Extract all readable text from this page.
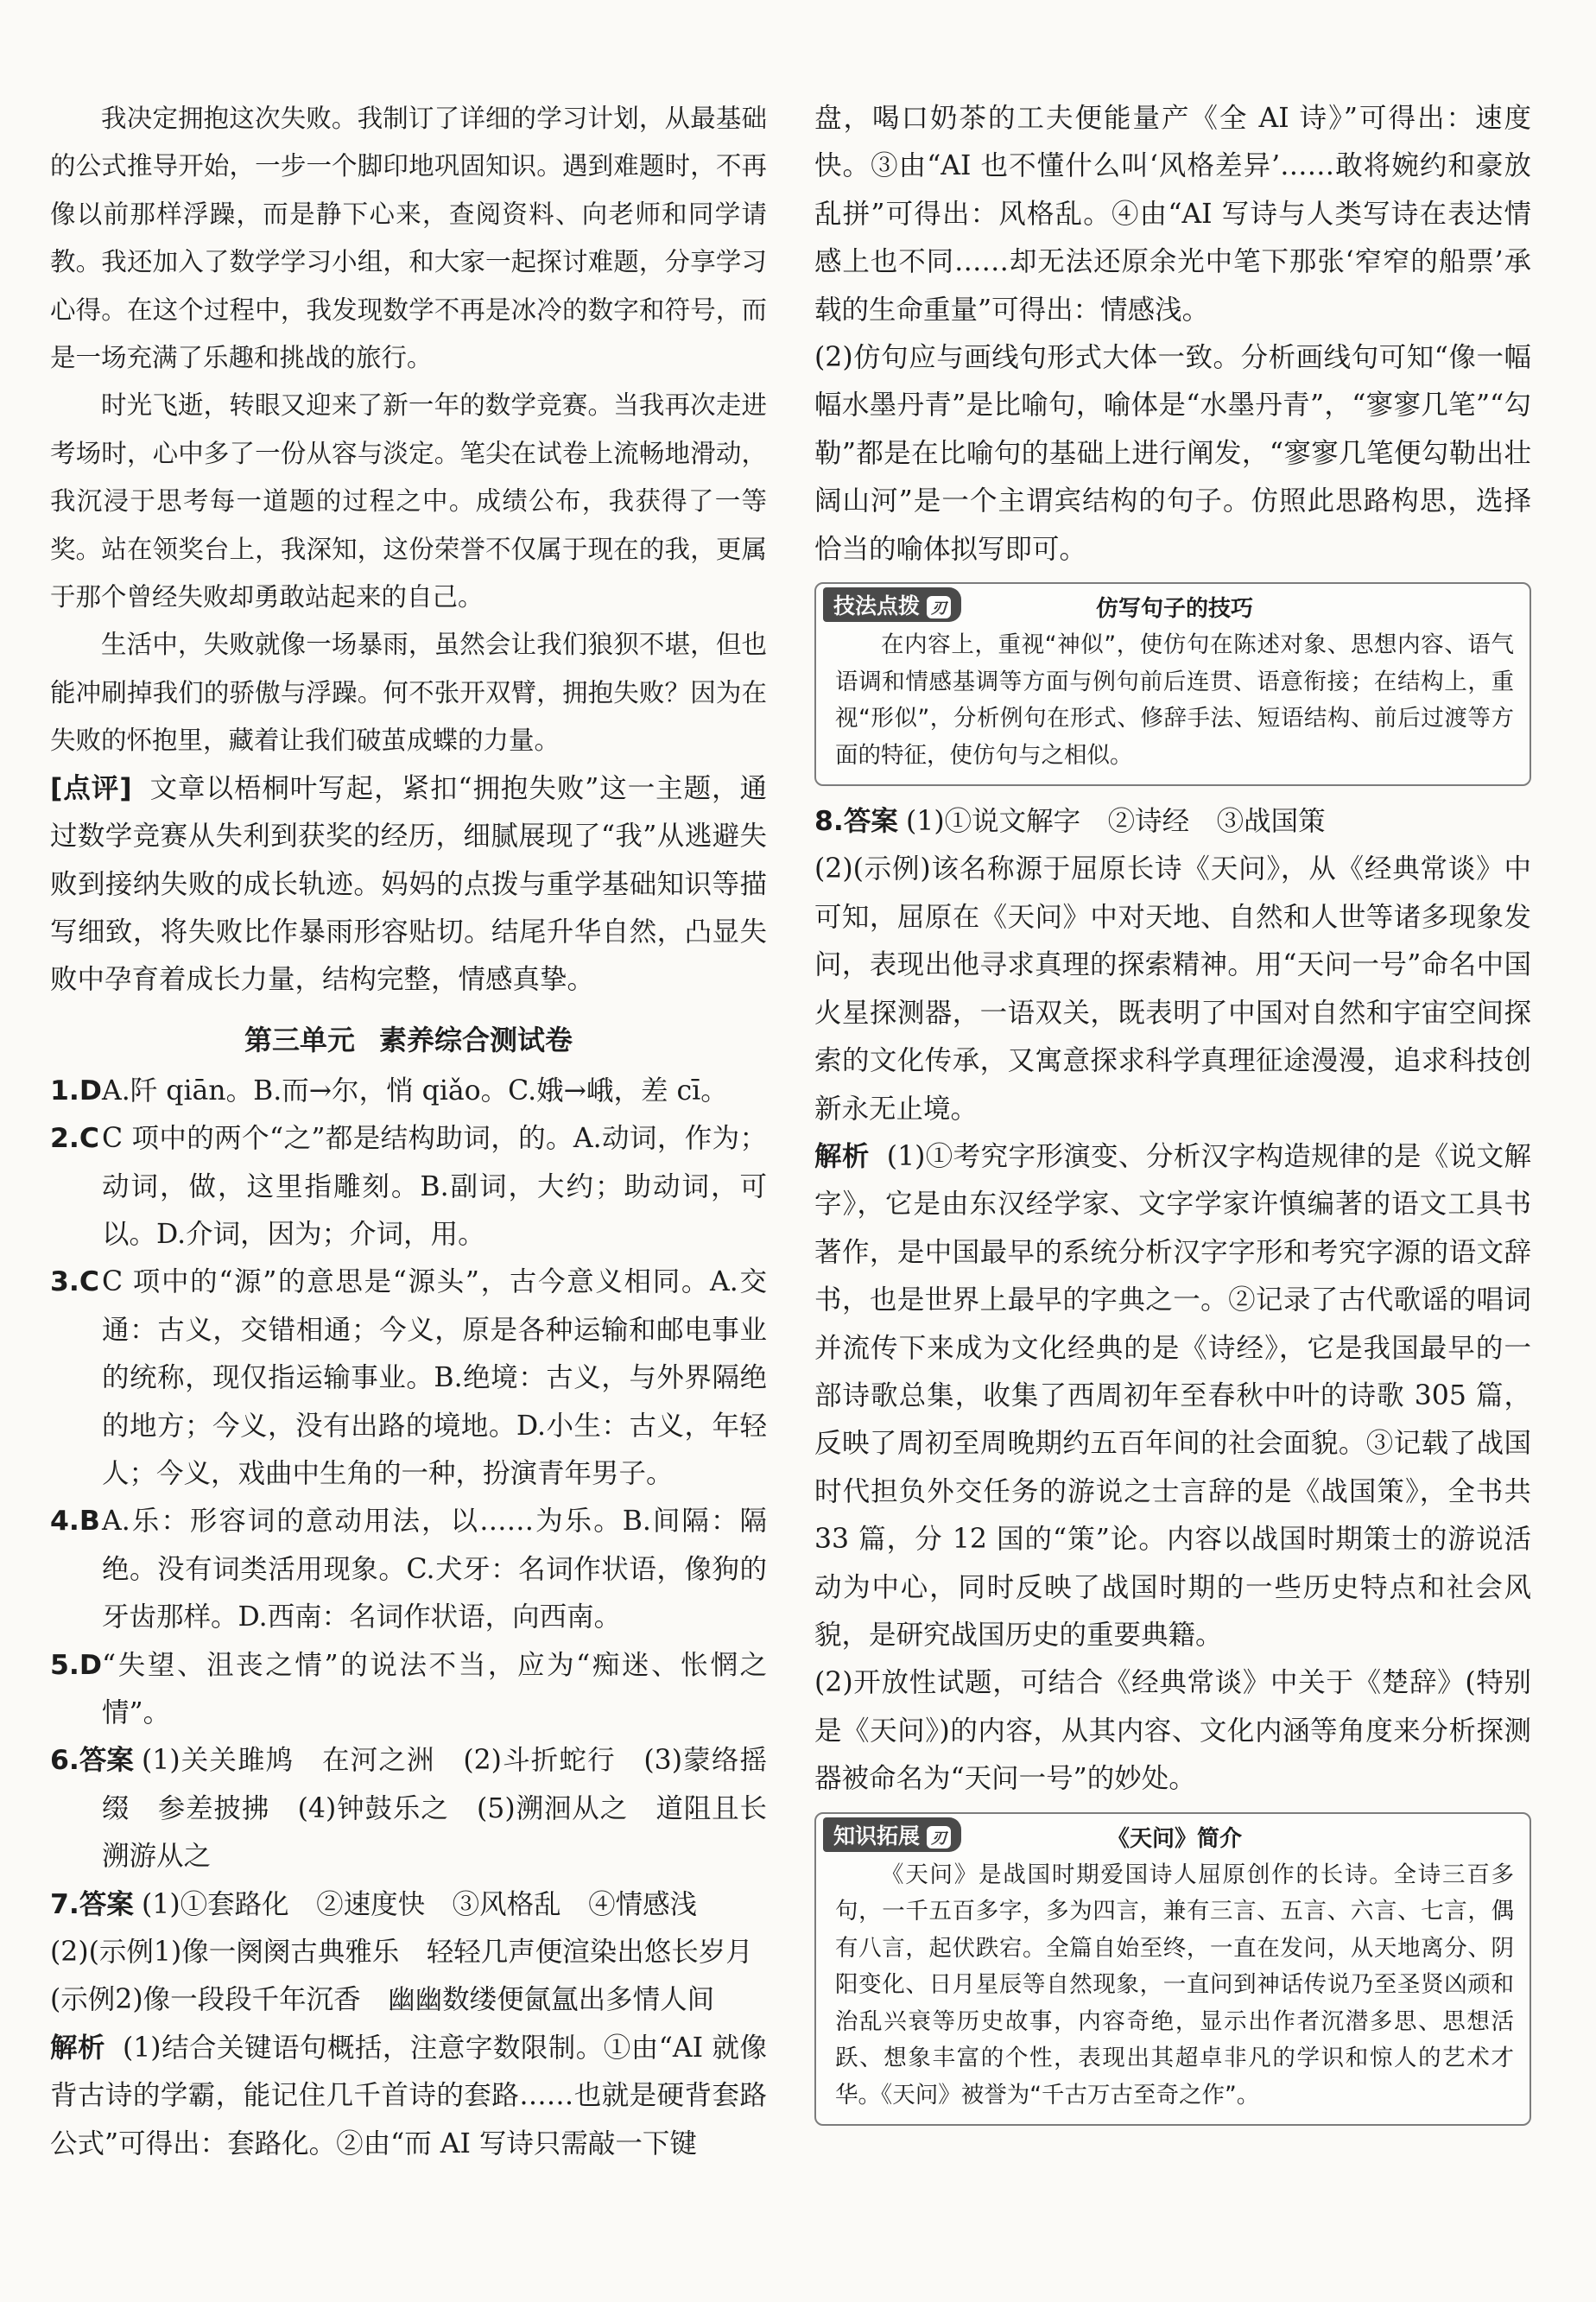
我决定拥抱这次失败。我制订了详细的学习计划，从最基础的公式推导开始，一步一个脚印地巩固知识。遇到难题时，不再像以前那样浮躁，而是静下心来，查阅资料、向老师和同学请教。我还加入了数学学习小组，和大家一起探讨难题，分享学习心得。在这个过程中，我发现数学不再是冰冷的数字和符号，而是一场充满了乐趣和挑战的旅行。

时光飞逝，转眼又迎来了新一年的数学竞赛。当我再次走进考场时，心中多了一份从容与淡定。笔尖在试卷上流畅地滑动，我沉浸于思考每一道题的过程之中。成绩公布，我获得了一等奖。站在领奖台上，我深知，这份荣誉不仅属于现在的我，更属于那个曾经失败却勇敢站起来的自己。

生活中，失败就像一场暴雨，虽然会让我们狼狈不堪，但也能冲刷掉我们的骄傲与浮躁。何不张开双臂，拥抱失败？因为在失败的怀抱里，藏着让我们破茧成蝶的力量。

[点评] 文章以梧桐叶写起，紧扣“拥抱失败”这一主题，通过数学竞赛从失利到获奖的经历，细腻展现了“我”从逃避失败到接纳失败的成长轨迹。妈妈的点拨与重学基础知识等描写细致，将失败比作暴雨形容贴切。结尾升华自然，凸显失败中孕育着成长力量，结构完整，情感真挚。

第三单元 素养综合测试卷

1.DA.阡 qiān。B.而→尔，悄 qiǎo。C.娥→峨，差 cī。

2.CC 项中的两个“之”都是结构助词，的。A.动词，作为；动词，做，这里指雕刻。B.副词，大约；助动词，可以。D.介词，因为；介词，用。

3.CC 项中的“源”的意思是“源头”，古今意义相同。A.交通：古义，交错相通；今义，原是各种运输和邮电事业的统称，现仅指运输事业。B.绝境：古义，与外界隔绝的地方；今义，没有出路的境地。D.小生：古义，年轻人；今义，戏曲中生角的一种，扮演青年男子。

4.BA.乐：形容词的意动用法，以……为乐。B.间隔：隔绝。没有词类活用现象。C.犬牙：名词作状语，像狗的牙齿那样。D.西南：名词作状语，向西南。

5.D“失望、沮丧之情”的说法不当，应为“痴迷、怅惘之情”。

6.答案 (1)关关雎鸠　在河之洲　(2)斗折蛇行　(3)蒙络摇缀　参差披拂　(4)钟鼓乐之　(5)溯洄从之　道阻且长　溯游从之

7.答案 (1)①套路化　②速度快　③风格乱　④情感浅

(2)(示例1)像一阕阕古典雅乐　轻轻几声便渲染出悠长岁月

(示例2)像一段段千年沉香　幽幽数缕便氤氲出多情人间

解析 (1)结合关键语句概括，注意字数限制。①由“AI 就像背古诗的学霸，能记住几千首诗的套路……也就是硬背套路公式”可得出：套路化。②由“而 AI 写诗只需敲一下键

盘，喝口奶茶的工夫便能量产《全 AI 诗》”可得出：速度快。③由“AI 也不懂什么叫‘风格差异’……敢将婉约和豪放乱拼”可得出：风格乱。④由“AI 写诗与人类写诗在表达情感上也不同……却无法还原余光中笔下那张‘窄窄的船票’承载的生命重量”可得出：情感浅。

(2)仿句应与画线句形式大体一致。分析画线句可知“像一幅幅水墨丹青”是比喻句，喻体是“水墨丹青”，“寥寥几笔”“勾勒”都是在比喻句的基础上进行阐发，“寥寥几笔便勾勒出壮阔山河”是一个主谓宾结构的句子。仿照此思路构思，选择恰当的喻体拟写即可。

技法点拨 刃	仿写句子的技巧

在内容上，重视“神似”，使仿句在陈述对象、思想内容、语气语调和情感基调等方面与例句前后连贯、语意衔接；在结构上，重视“形似”，分析例句在形式、修辞手法、短语结构、前后过渡等方面的特征，使仿句与之相似。

8.答案 (1)①说文解字　②诗经　③战国策

(2)(示例)该名称源于屈原长诗《天问》，从《经典常谈》中可知，屈原在《天问》中对天地、自然和人世等诸多现象发问，表现出他寻求真理的探索精神。用“天问一号”命名中国火星探测器，一语双关，既表明了中国对自然和宇宙空间探索的文化传承，又寓意探求科学真理征途漫漫，追求科技创新永无止境。

解析 (1)①考究字形演变、分析汉字构造规律的是《说文解字》，它是由东汉经学家、文字学家许慎编著的语文工具书著作，是中国最早的系统分析汉字字形和考究字源的语文辞书，也是世界上最早的字典之一。②记录了古代歌谣的唱词并流传下来成为文化经典的是《诗经》，它是我国最早的一部诗歌总集，收集了西周初年至春秋中叶的诗歌 305 篇，反映了周初至周晚期约五百年间的社会面貌。③记载了战国时代担负外交任务的游说之士言辞的是《战国策》，全书共 33 篇，分 12 国的“策”论。内容以战国时期策士的游说活动为中心，同时反映了战国时期的一些历史特点和社会风貌，是研究战国历史的重要典籍。

(2)开放性试题，可结合《经典常谈》中关于《楚辞》(特别是《天问》)的内容，从其内容、文化内涵等角度来分析探测器被命名为“天问一号”的妙处。

知识拓展 刃	《天问》简介

《天问》是战国时期爱国诗人屈原创作的长诗。全诗三百多句，一千五百多字，多为四言，兼有三言、五言、六言、七言，偶有八言，起伏跌宕。全篇自始至终，一直在发问，从天地离分、阴阳变化、日月星辰等自然现象，一直问到神话传说乃至圣贤凶顽和治乱兴衰等历史故事，内容奇绝，显示出作者沉潜多思、思想活跃、想象丰富的个性，表现出其超卓非凡的学识和惊人的艺术才华。《天问》被誉为“千古万古至奇之作”。
